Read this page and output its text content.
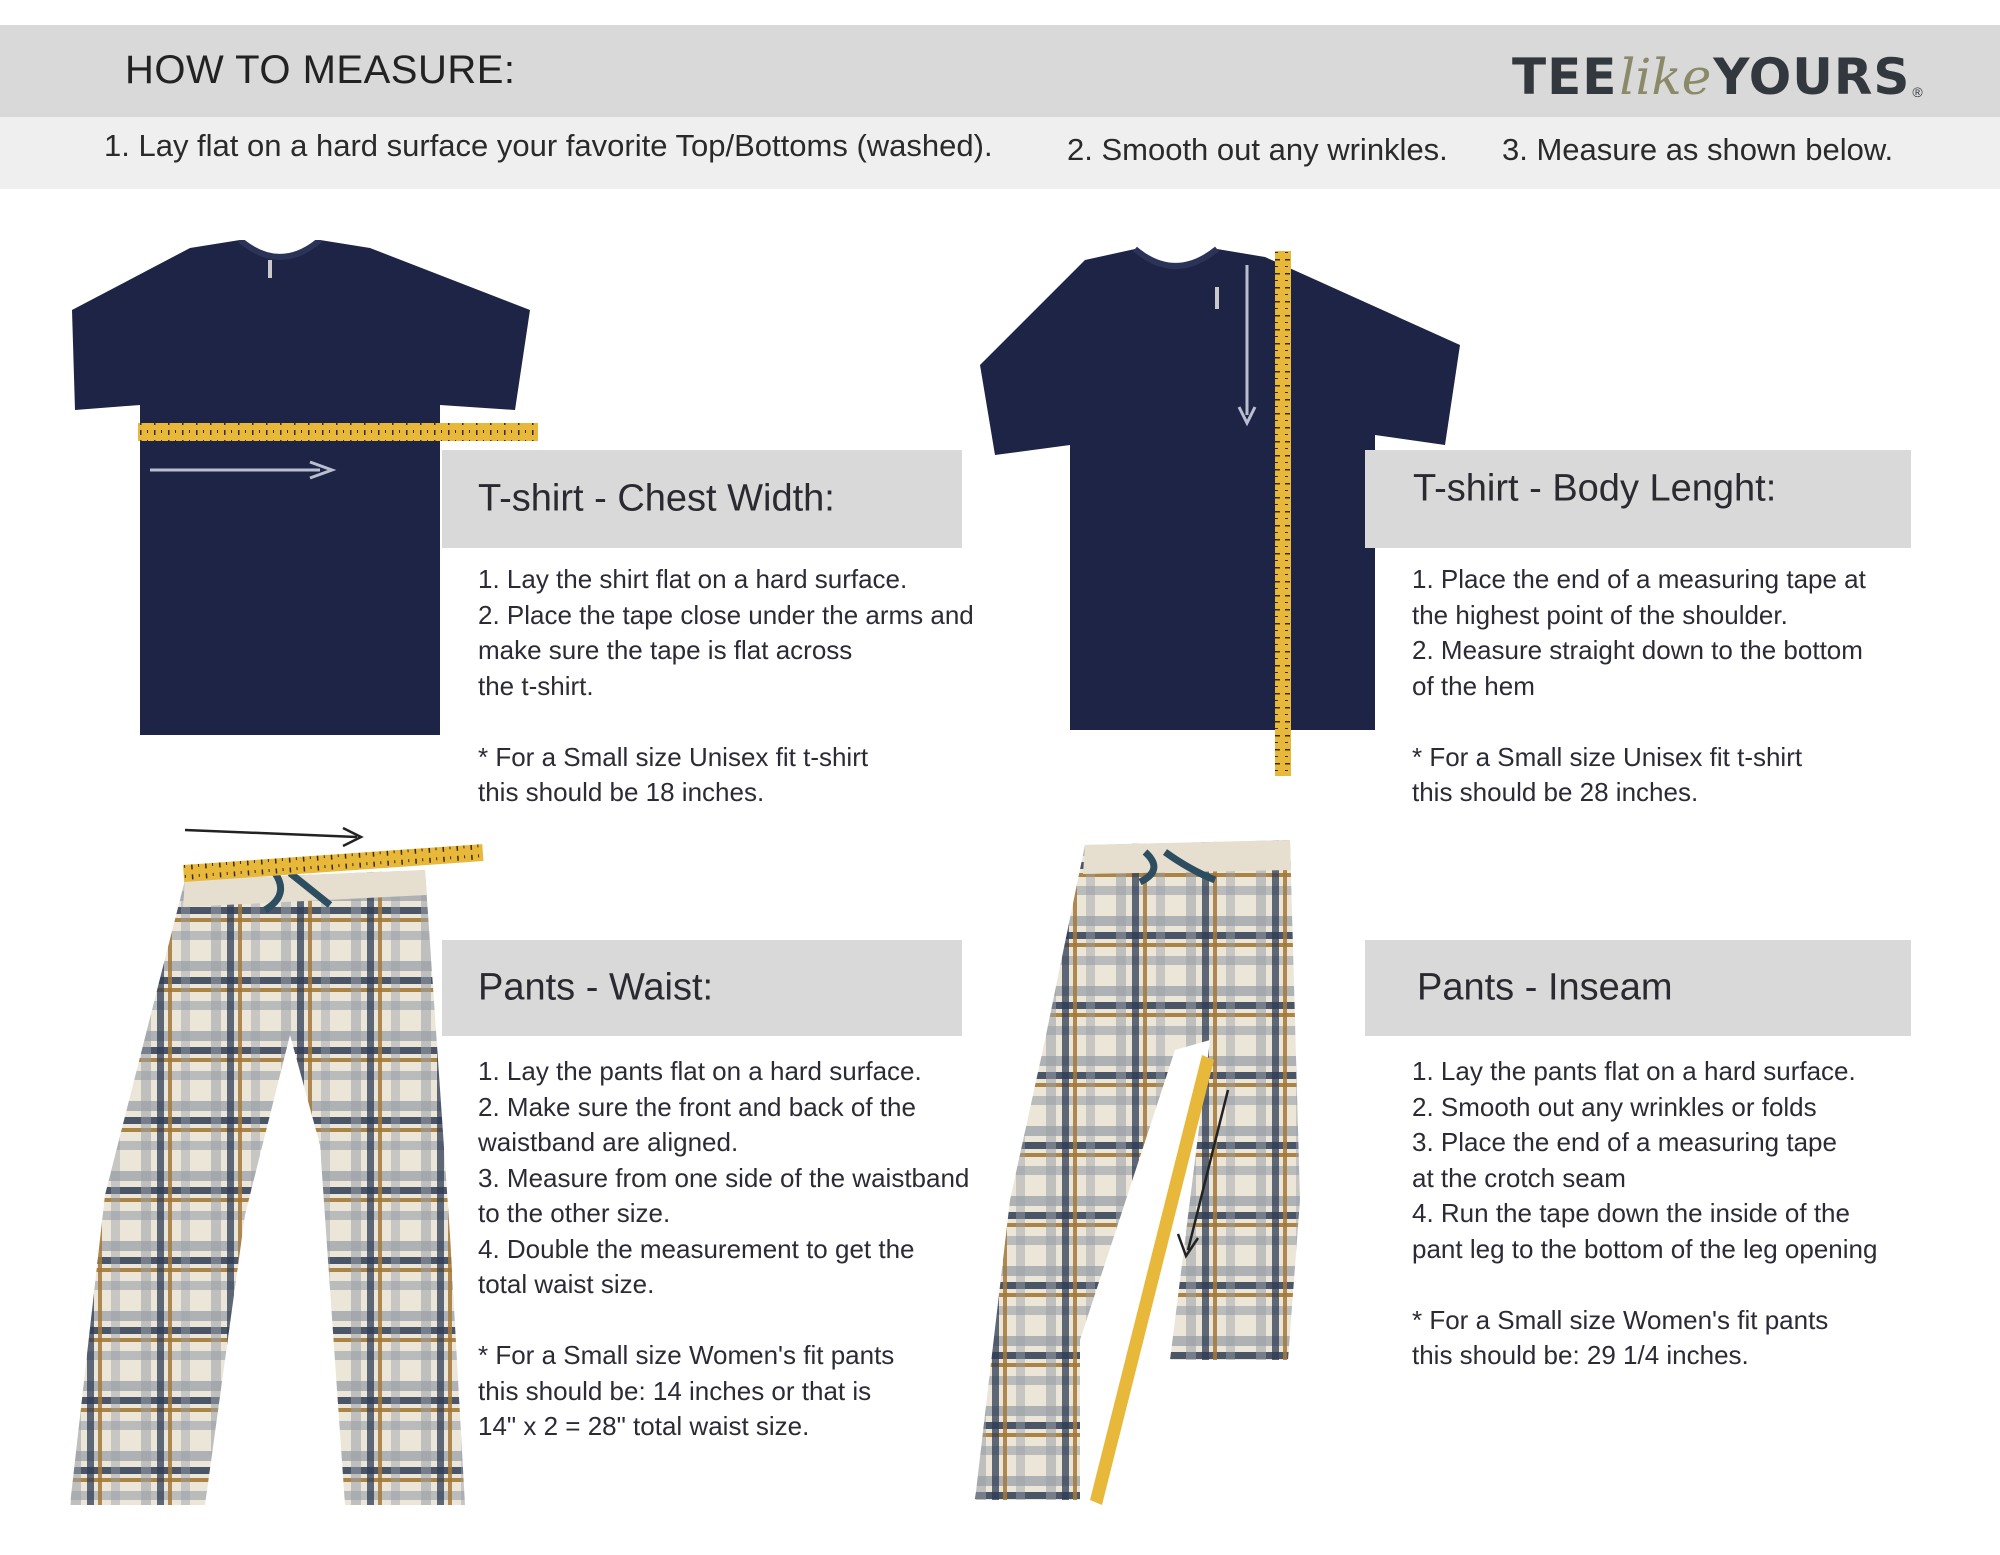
HOW TO MEASURE:	TEE like YOURS ®
1. Lay flat on a hard surface your favorite Top/Bottoms (washed). 2. Smooth out any wrinkles. 3. Measure as shown below.
T-shirt - Chest Width:
1. Lay the shirt flat on a hard surface.
2. Place the tape close under the arms and
make sure the tape is flat across
the t-shirt.
* For a Small size Unisex fit t-shirt
this should be 18 inches.
T-shirt - Body Lenght:
1. Place the end of a measuring tape at
the highest point of the shoulder.
2. Measure straight down to the bottom
of the hem
* For a Small size Unisex fit t-shirt
this should be 28 inches.
Pants - Waist:
1. Lay the pants flat on a hard surface.
2. Make sure the front and back of the
waistband are aligned.
3. Measure from one side of the waistband
to the other size.
4. Double the measurement to get the
total waist size.
* For a Small size Women's fit pants
this should be: 14 inches or that is
14" x 2 = 28" total waist size.
Pants - Inseam
1. Lay the pants flat on a hard surface.
2. Smooth out any wrinkles or folds
3. Place the end of a measuring tape
at the crotch seam
4. Run the tape down the inside of the
pant leg to the bottom of the leg opening
* For a Small size Women's fit pants
this should be: 29 1/4 inches.
